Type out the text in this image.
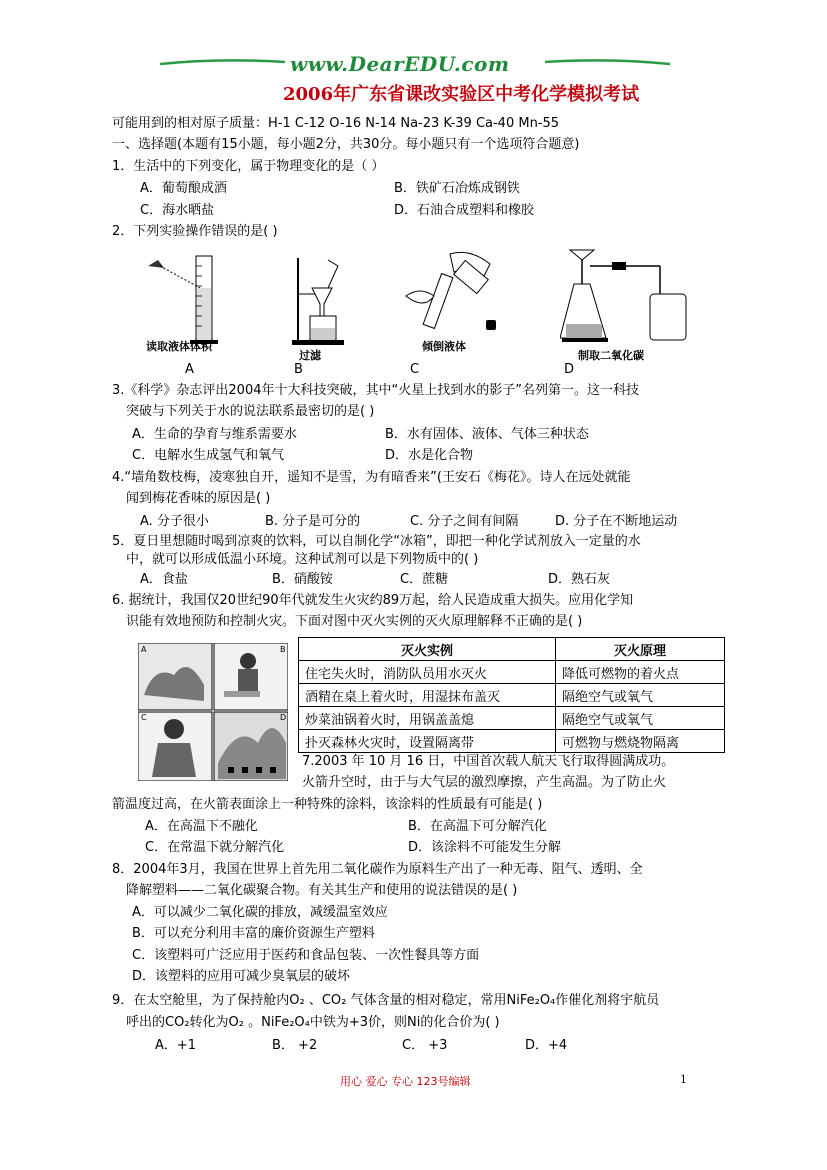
www.DearEDU.com
2006年广东省课改实验区中考化学模拟考试
可能用到的相对原子质量：H-1 C-12 O-16 N-14 Na-23 K-39 Ca-40 Mn-55
一、选择题(本题有15小题，每小题2分，共30分。每小题只有一个选项符合题意)
1．生活中的下列变化，属于物理变化的是（ ）
A．葡萄酿成酒	B．铁矿石冶炼成钢铁
C．海水晒盐	D．石油合成塑料和橡胶
2．下列实验操作错误的是( )
读取液体体积
过滤
倾倒液体
制取二氧化碳
A	B	C	D
3.《科学》杂志评出2004年十大科技突破，其中“火星上找到水的影子”名列第一。这一科技
突破与下列关于水的说法联系最密切的是( )
A．生命的孕育与维系需要水	B．水有固体、液体、气体三种状态
C．电解水生成氢气和氧气	D．水是化合物
4.“墙角数枝梅，凌寒独自开，遥知不是雪，为有暗香来”(王安石《梅花》。诗人在远处就能
闻到梅花香味的原因是( )
A. 分子很小	B. 分子是可分的	C. 分子之间有间隔	D. 分子在不断地运动
5．夏日里想随时喝到凉爽的饮料，可以自制化学“冰箱”，即把一种化学试剂放入一定量的水
中，就可以形成低温小环境。这种试剂可以是下列物质中的( )
A．食盐	B．硝酸铵	C．蔗糖	D．熟石灰
6. 据统计，我国仅20世纪90年代就发生火灾约89万起，给人民造成重大损失。应用化学知
识能有效地预防和控制火灾。下面对图中灭火实例的灭火原理解释不正确的是( )
A	B
C	D
灭火实例	灭火原理
住宅失火时，消防队员用水灭火	降低可燃物的着火点
酒精在桌上着火时，用湿抹布盖灭	隔绝空气或氧气
炒菜油锅着火时，用锅盖盖熄	隔绝空气或氧气
扑灭森林火灾时，设置隔离带	可燃物与燃烧物隔离
7.2003 年 10 月 16 日，中国首次载人航天飞行取得圆满成功。
火箭升空时，由于与大气层的激烈摩擦，产生高温。为了防止火
箭温度过高，在火箭表面涂上一种特殊的涂料，该涂料的性质最有可能是( )
A．在高温下不融化	B．在高温下可分解汽化
C．在常温下就分解汽化	D．该涂料不可能发生分解
8．2004年3月，我国在世界上首先用二氧化碳作为原料生产出了一种无毒、阻气、透明、全
降解塑料——二氧化碳聚合物。有关其生产和使用的说法错误的是( )
A．可以减少二氧化碳的排放，减缓温室效应
B．可以充分利用丰富的廉价资源生产塑料
C．该塑料可广泛应用于医药和食品包装、一次性餐具等方面
D．该塑料的应用可减少臭氧层的破坏
9．在太空舱里，为了保持舱内O₂ 、CO₂ 气体含量的相对稳定，常用NiFe₂O₄作催化剂将宇航员
呼出的CO₂转化为O₂ 。NiFe₂O₄中铁为+3价，则Ni的化合价为( )
A．+1	B． +2	C． +3	D．+4
用心 爱心 专心 123号编辑	1
